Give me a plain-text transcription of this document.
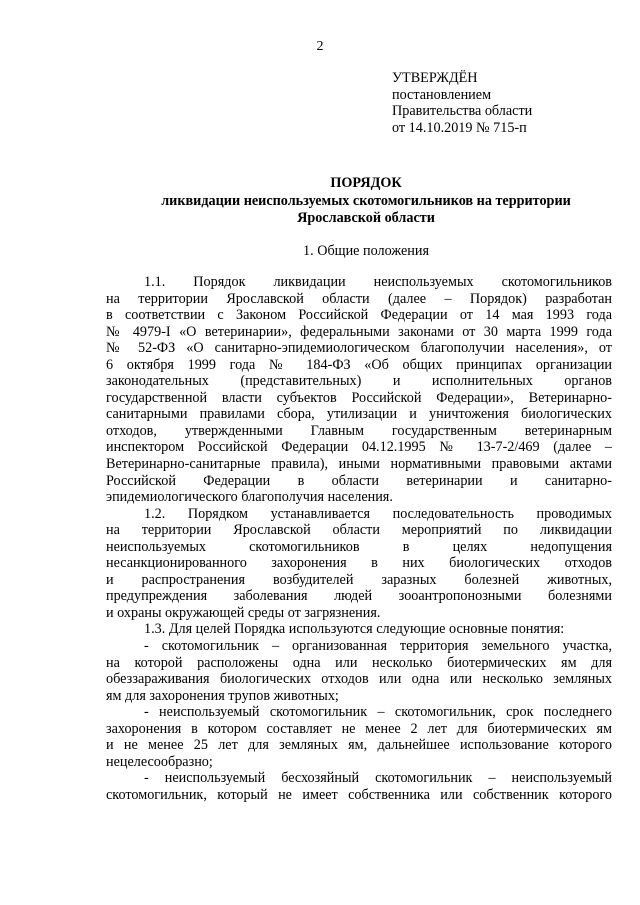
2
УТВЕРЖДЁН
постановлением
Правительства области
от 14.10.2019 № 715-п
ПОРЯДОК
ликвидации неиспользуемых скотомогильников на территории
Ярославской области
1. Общие положения
1.1. Порядок ликвидации неиспользуемых скотомогильников
на территории Ярославской области (далее – Порядок) разработан
в соответствии с Законом Российской Федерации от 14 мая 1993 года
№ 4979-I «О ветеринарии», федеральными законами от 30 марта 1999 года
№ 52-ФЗ «О санитарно-эпидемиологическом благополучии населения», от
6 октября 1999 года № 184-ФЗ «Об общих принципах организации
законодательных (представительных) и исполнительных органов
государственной власти субъектов Российской Федерации», Ветеринарно-
санитарными правилами сбора, утилизации и уничтожения биологических
отходов, утвержденными Главным государственным ветеринарным
инспектором Российской Федерации 04.12.1995 № 13-7-2/469 (далее –
Ветеринарно-санитарные правила), иными нормативными правовыми актами
Российской Федерации в области ветеринарии и санитарно-
эпидемиологического благополучия населения.
1.2. Порядком устанавливается последовательность проводимых
на территории Ярославской области мероприятий по ликвидации
неиспользуемых скотомогильников в целях недопущения
несанкционированного захоронения в них биологических отходов
и распространения возбудителей заразных болезней животных,
предупреждения заболевания людей зооантропонозными болезнями
и охраны окружающей среды от загрязнения.
1.3. Для целей Порядка используются следующие основные понятия:
- скотомогильник – организованная территория земельного участка,
на которой расположены одна или несколько биотермических ям для
обеззараживания биологических отходов или одна или несколько земляных
ям для захоронения трупов животных;
- неиспользуемый скотомогильник – скотомогильник, срок последнего
захоронения в котором составляет не менее 2 лет для биотермических ям
и не менее 25 лет для земляных ям, дальнейшее использование которого
нецелесообразно;
- неиспользуемый бесхозяйный скотомогильник – неиспользуемый
скотомогильник, который не имеет собственника или собственник которого
